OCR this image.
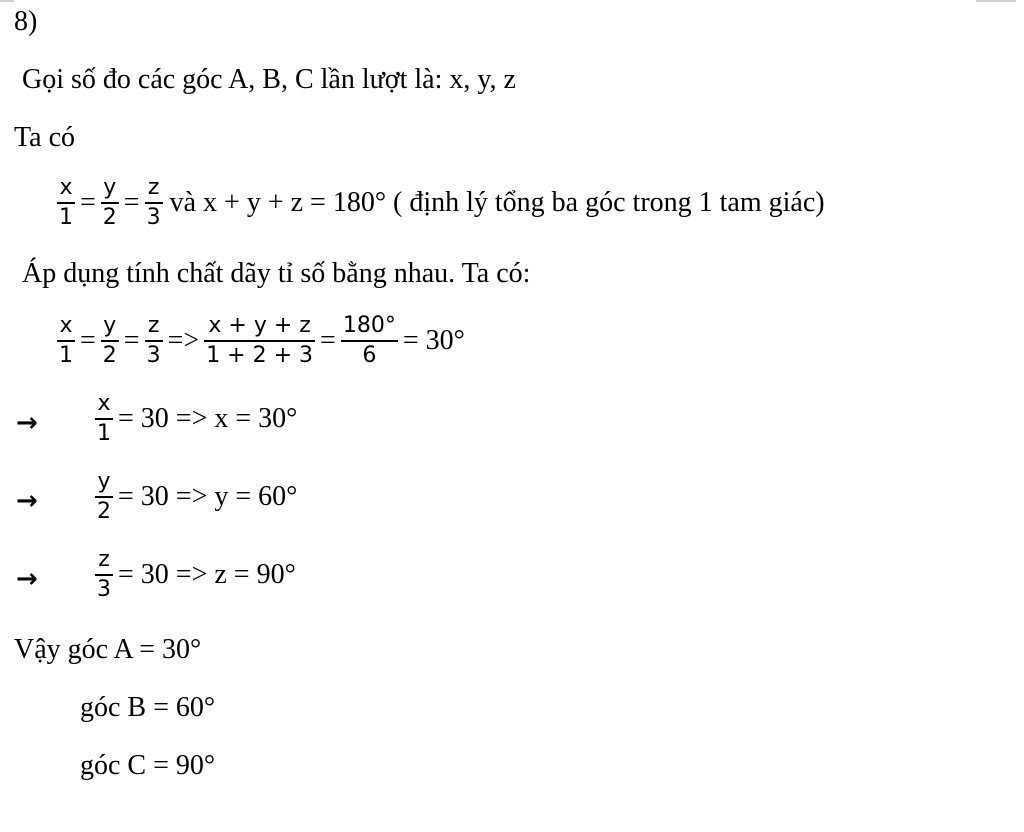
8)
Gọi số đo các góc A, B, C lần lượt là: x, y, z
Ta có
$\frac{x}{1} = \frac{y}{2} = \frac{z}{3}$ và x + y + z = 180° ( định lý tổng ba góc trong 1 tam giác)
Áp dụng tính chất dãy tỉ số bằng nhau. Ta có:
$\frac{x}{1} = \frac{y}{2} = \frac{z}{3} => \frac{x + y + z}{1 + 2 + 3} = \frac{180^\circ}{6} = 30^\circ$
→	$\frac{x}{1} = 30 => x = 30^\circ$
→	$\frac{y}{2} = 30 => y = 60^\circ$
→	$\frac{z}{3} = 30 => z = 90^\circ$
Vậy góc A = 30°
góc B = 60°
góc C = 90°
